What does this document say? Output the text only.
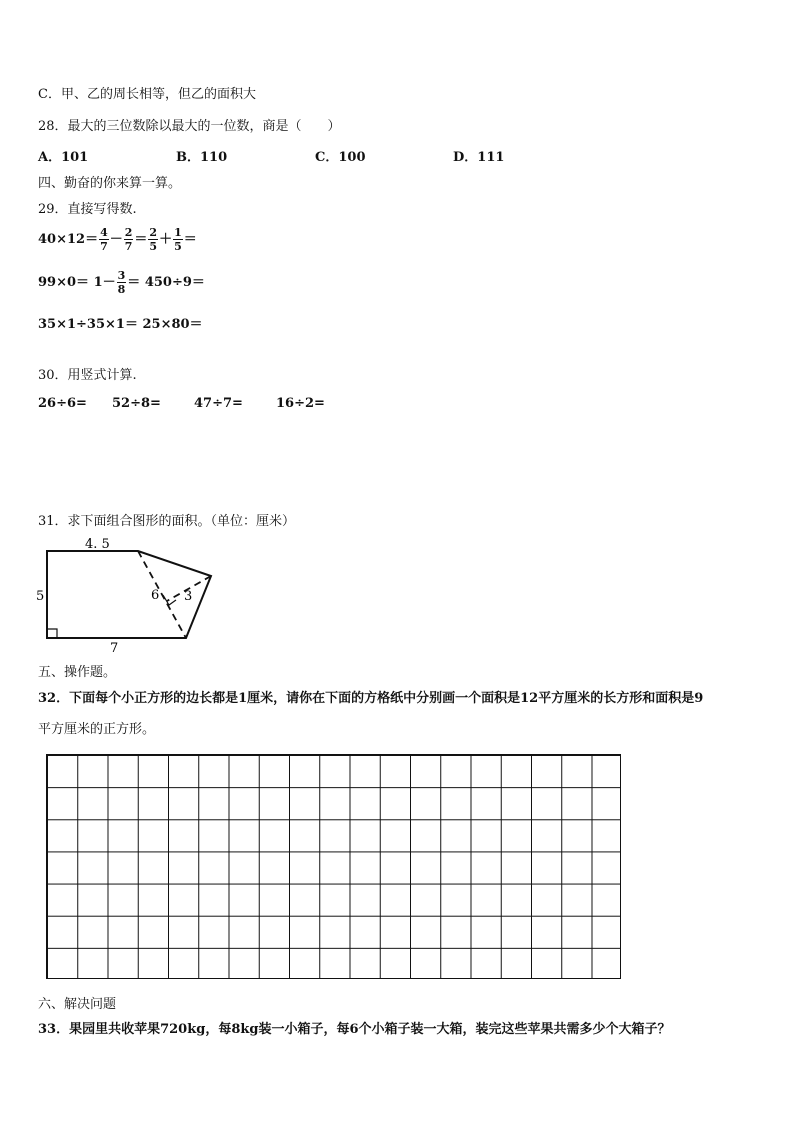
C．甲、乙的周长相等，但乙的面积大
28．最大的三位数除以最大的一位数，商是（　　）
A．101	B．110	C．100	D．111
四、勤奋的你来算一算。
29．直接写得数.
$40\times 12= \frac{4}{7} - \frac{2}{7} = \frac{2}{5} + \frac{1}{5}$ ＝
$99\times 0= 1- \frac{3}{8} = 450\div 9=$
35×1÷35×1＝ 25×80＝
30．用竖式计算.
26÷6= 52÷8=	47÷7=	16÷2=
31．求下面组合图形的面积。（单位：厘米）
4. 5
5	6 3
7
五、操作题。
32．下面每个小正方形的边长都是1厘米，请你在下面的方格纸中分别画一个面积是12平方厘米的长方形和面积是9
平方厘米的正方形。
六、解决问题
33．果园里共收苹果720kg，每8kg装一小箱子，每6个小箱子装一大箱，装完这些苹果共需多少个大箱子？
